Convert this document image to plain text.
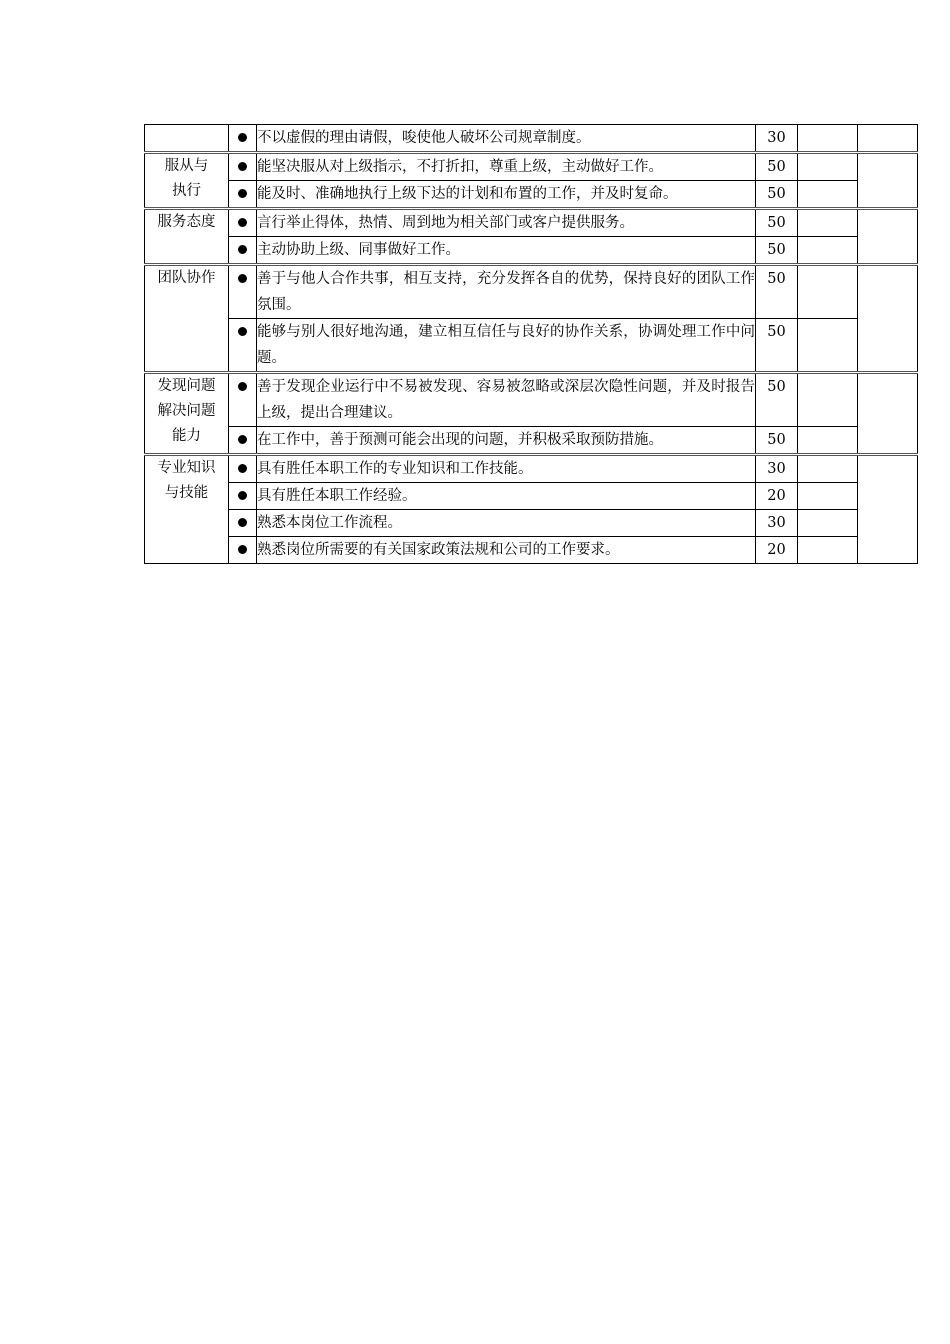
		不以虚假的理由请假，唆使他人破坏公司规章制度。	30		

服从与
执行		能坚决服从对上级指示，不打折扣，尊重上级，主动做好工作。	50		
		能及时、准确地执行上级下达的计划和布置的工作，并及时复命。	50		

服务态度		言行举止得体，热情、周到地为相关部门或客户提供服务。	50		
		主动协助上级、同事做好工作。	50		

团队协作		善于与他人合作共事，相互支持，充分发挥各自的优势，保持良好的团队工作氛围。	50		
		能够与别人很好地沟通，建立相互信任与良好的协作关系，协调处理工作中问题。	50		

发现问题
解决问题
能力		善于发现企业运行中不易被发现、容易被忽略或深层次隐性问题，并及时报告上级，提出合理建议。	50		
		在工作中，善于预测可能会出现的问题，并积极采取预防措施。	50		

专业知识
与技能		具有胜任本职工作的专业知识和工作技能。	30		
		具有胜任本职工作经验。	20		
		熟悉本岗位工作流程。	30		
		熟悉岗位所需要的有关国家政策法规和公司的工作要求。	20		
